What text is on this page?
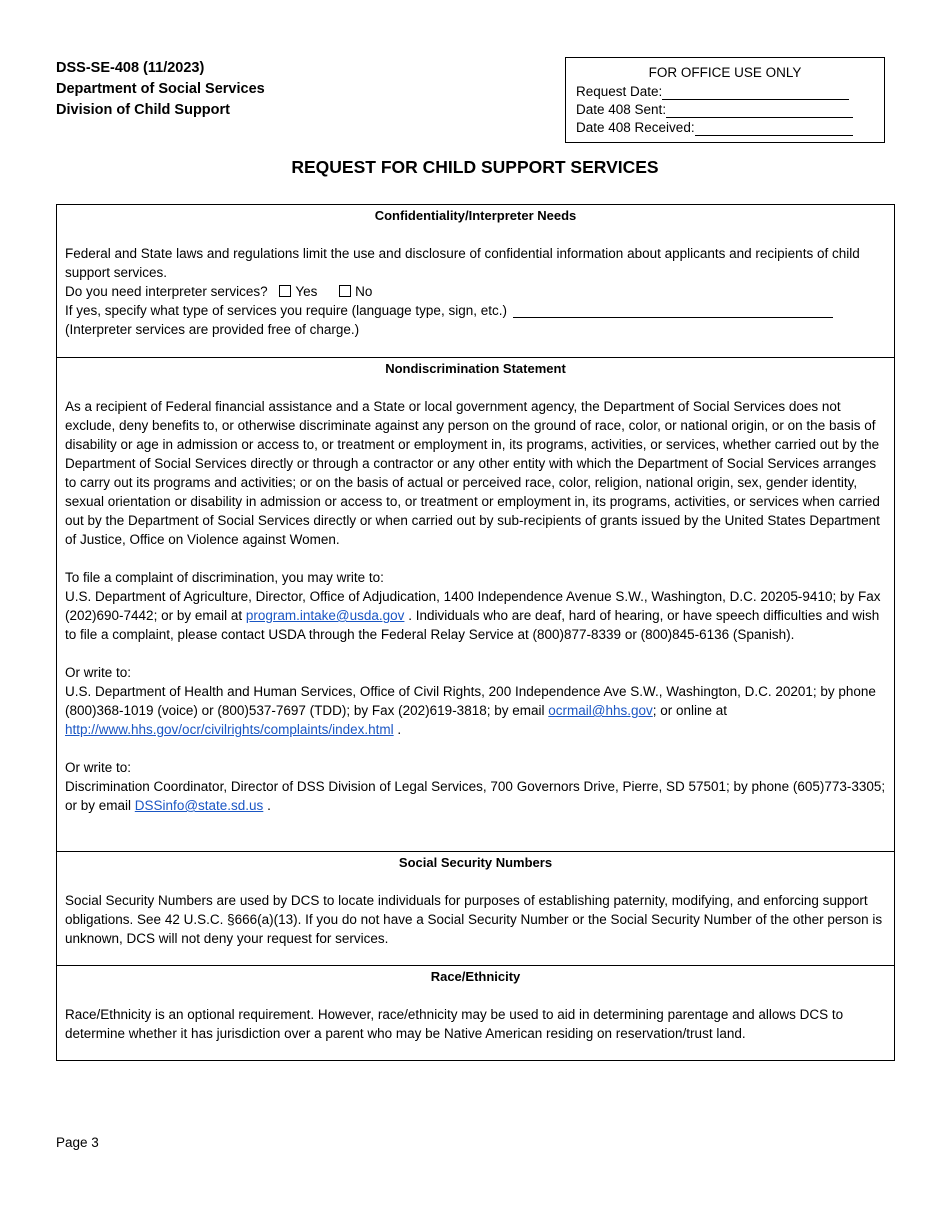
DSS-SE-408 (11/2023)
Department of Social Services
Division of Child Support
FOR OFFICE USE ONLY
Request Date:
Date 408 Sent:
Date 408 Received:
REQUEST FOR CHILD SUPPORT SERVICES
Confidentiality/Interpreter Needs

Federal and State laws and regulations limit the use and disclosure of confidential information about applicants and recipients of child support services.

Do you need interpreter services? Yes	No
If yes, specify what type of services you require (language type, sign, etc.)
(Interpreter services are provided free of charge.)
Nondiscrimination Statement

As a recipient of Federal financial assistance and a State or local government agency, the Department of Social Services does not exclude, deny benefits to, or otherwise discriminate against any person on the ground of race, color, or national origin, or on the basis of disability or age in admission or access to, or treatment or employment in, its programs, activities, or services, whether carried out by the Department of Social Services directly or through a contractor or any other entity with which the Department of Social Services arranges to carry out its programs and activities; or on the basis of actual or perceived race, color, religion, national origin, sex, gender identity, sexual orientation or disability in admission or access to, or treatment or employment in, its programs, activities, or services when carried out by the Department of Social Services directly or when carried out by sub-recipients of grants issued by the United States Department of Justice, Office on Violence against Women.

To file a complaint of discrimination, you may write to:
U.S. Department of Agriculture, Director, Office of Adjudication, 1400 Independence Avenue S.W., Washington, D.C. 20205-9410; by Fax (202)690-7442; or by email at program.intake@usda.gov . Individuals who are deaf, hard of hearing, or have speech difficulties and wish to file a complaint, please contact USDA through the Federal Relay Service at (800)877-8339 or (800)845-6136 (Spanish).

Or write to:
U.S. Department of Health and Human Services, Office of Civil Rights, 200 Independence Ave S.W., Washington, D.C. 20201; by phone (800)368-1019 (voice) or (800)537-7697 (TDD); by Fax (202)619-3818; by email ocrmail@hhs.gov; or online at http://www.hhs.gov/ocr/civilrights/complaints/index.html .

Or write to:
Discrimination Coordinator, Director of DSS Division of Legal Services, 700 Governors Drive, Pierre, SD 57501; by phone (605)773-3305; or by email DSSinfo@state.sd.us .

Social Security Numbers

Social Security Numbers are used by DCS to locate individuals for purposes of establishing paternity, modifying, and enforcing support obligations. See 42 U.S.C. §666(a)(13). If you do not have a Social Security Number or the Social Security Number of the other person is unknown, DCS will not deny your request for services.

Race/Ethnicity

Race/Ethnicity is an optional requirement. However, race/ethnicity may be used to aid in determining parentage and allows DCS to determine whether it has jurisdiction over a parent who may be Native American residing on reservation/trust land.

Page 3
